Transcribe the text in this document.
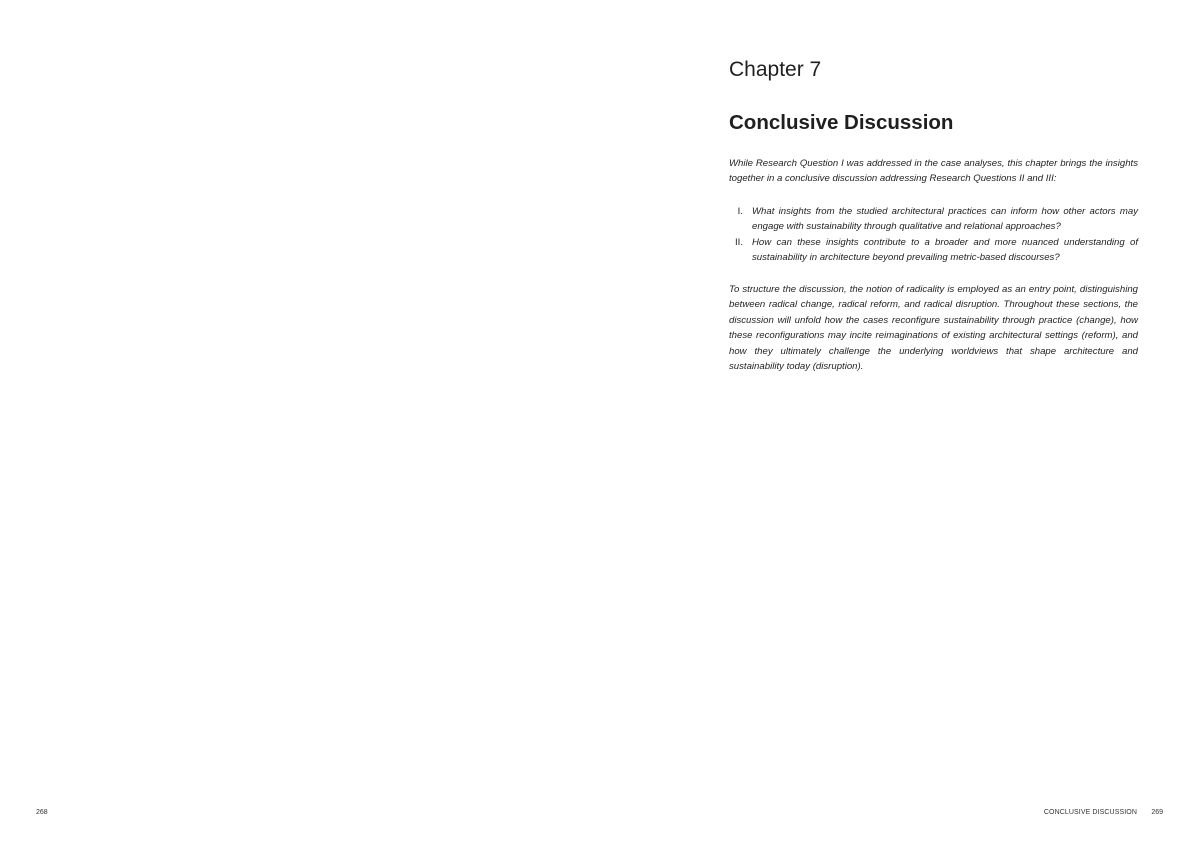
268
Chapter 7
Conclusive Discussion

While Research Question I was addressed in the case analyses, this chapter brings the insights together in a conclusive discussion addressing Research Questions II and III:

I. What insights from the studied architectural practices can inform how other actors may engage with sustainability through qualitative and relational approaches?
II. How can these insights contribute to a broader and more nuanced understanding of sustainability in architecture beyond prevailing metric-based discourses?

To structure the discussion, the notion of radicality is employed as an entry point, distinguishing between radical change, radical reform, and radical disruption. Throughout these sections, the discussion will unfold how the cases reconfigure sustainability through practice (change), how these reconfigurations may incite reimaginations of existing architectural settings (reform), and how they ultimately challenge the underlying worldviews that shape architecture and sustainability today (disruption).

CONCLUSIVE DISCUSSION 269
